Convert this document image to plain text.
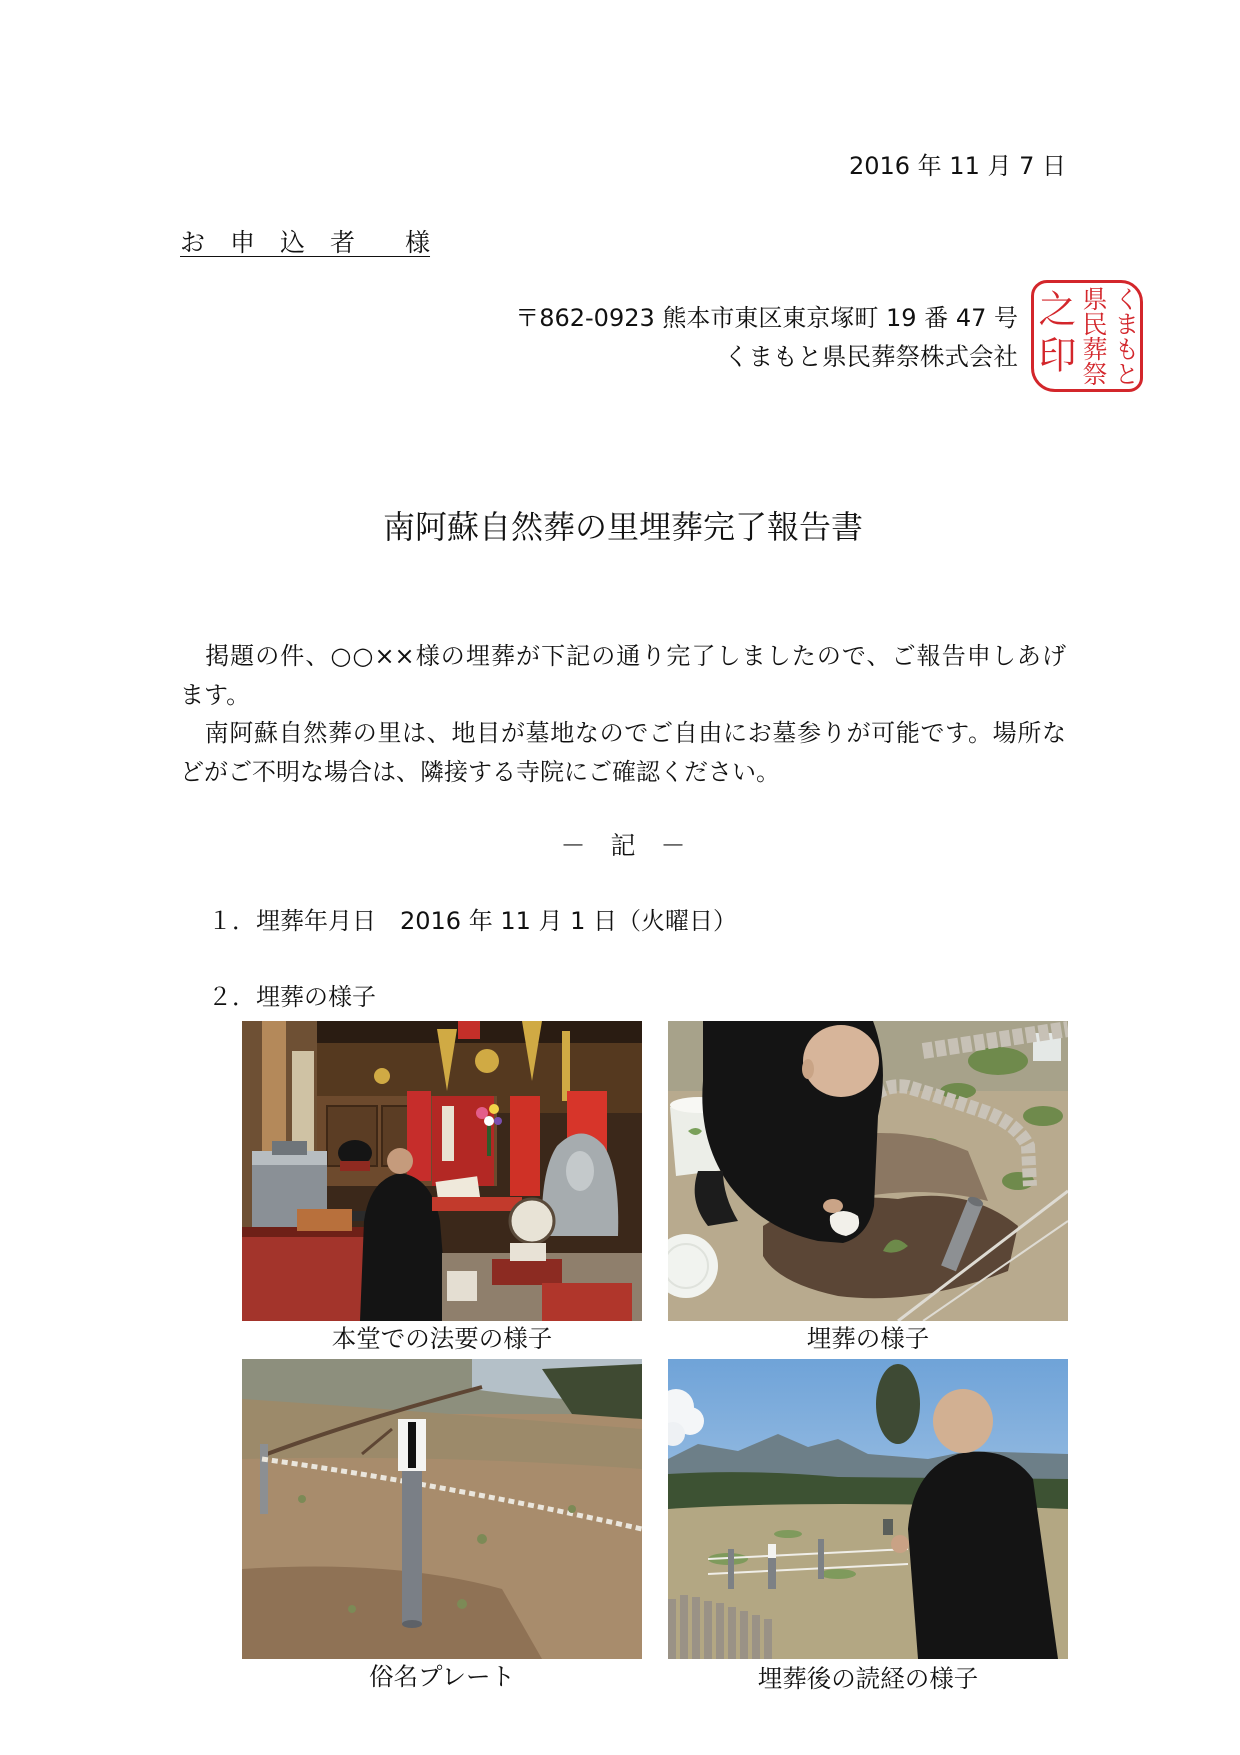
2016 年 11 月 7 日
お　申　込　者　　様
〒862-0923 熊本市東区東京塚町 19 番 47 号
くまもと県民葬祭株式会社	くまもと
県民葬祭
之印
南阿蘇自然葬の里埋葬完了報告書
　掲題の件、○○××様の埋葬が下記の通り完了しましたので、ご報告申しあげ
ます。
　南阿蘇自然葬の里は、地目が墓地なのでご自由にお墓参りが可能です。場所な
どがご不明な場合は、隣接する寺院にご確認ください。
－　記　－
１．埋葬年月日 2016 年 11 月 1 日（火曜日）
２．埋葬の様子
本堂での法要の様子	埋葬の様子
俗名プレート	埋葬後の読経の様子
